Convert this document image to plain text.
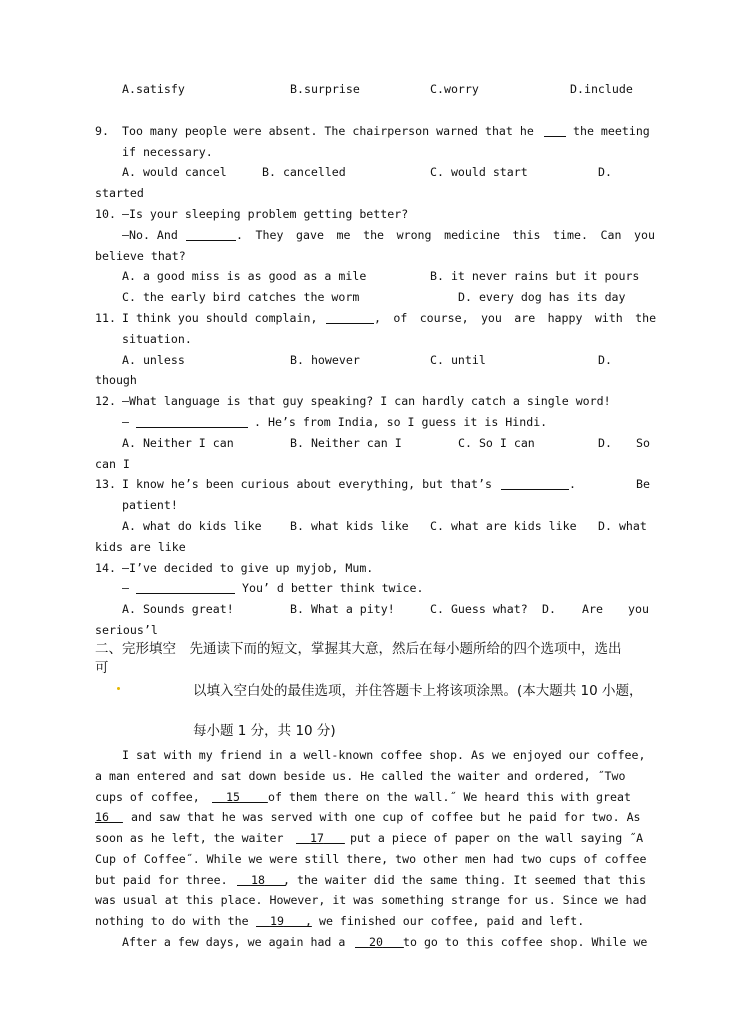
A.satisfy	B.surprise	C.worry	D.include
9. Too many people were absent. The chairperson warned that he	the meeting
if necessary.
A. would cancel	B. cancelled	C. would start	D.
started
10. —Is your sleeping problem getting better?
—No. And	. They gave me the wrong medicine this time. Can you
believe that?
A. a good miss is as good as a mile	B. it never rains but it pours
C. the early bird catches the worm	D. every dog has its day
11. I think you should complain,	, of course, you are happy with the
situation.
A. unless	B. however	C. until	D.
though
12. —What language is that guy speaking? I can hardly catch a single word!
—	. He’s from India, so I guess it is Hindi.
A. Neither I can	B. Neither can I	C. So I can	D. So
can I
13. I know he’s been curious about everything, but that’s	.	Be
patient!
A. what do kids like B. what kids like C. what are kids like D. what
kids are like
14. —I’ve decided to give up myjob, Mum.
—	You’ d better think twice.
A. Sounds great!	B. What a pity!	C. Guess what? D. Are you
serious’l
二、完形填空　先通读下而的短文，掌握其大意，然后在每小题所给的四个选项中，选出
可
以填入空白处的最佳选项，并住答题卡上将该项涂黑。(本大题共 10 小题，
每小题 1 分，共 10 分)
I sat with my friend in a well-known coffee shop. As we enjoyed our coffee,
a man entered and sat down beside us. He called the waiter and ordered, ˝Two
cups of coffee,	15	of them there on the wall.˝ We heard this with great
16	and saw that he was served with one cup of coffee but he paid for two. As
soon as he left, the waiter	17	put a piece of paper on the wall saying ˝A
Cup of Coffee˝. While we were still there, two other men had two cups of coffee
but paid for three.	18	, the waiter did the same thing. It seemed that this
was usual at this place. However, it was something strange for us. Since we had
nothing to do with the	19	, we finished our coffee, paid and left.
After a few days, we again had a	20	to go to this coffee shop. While we
